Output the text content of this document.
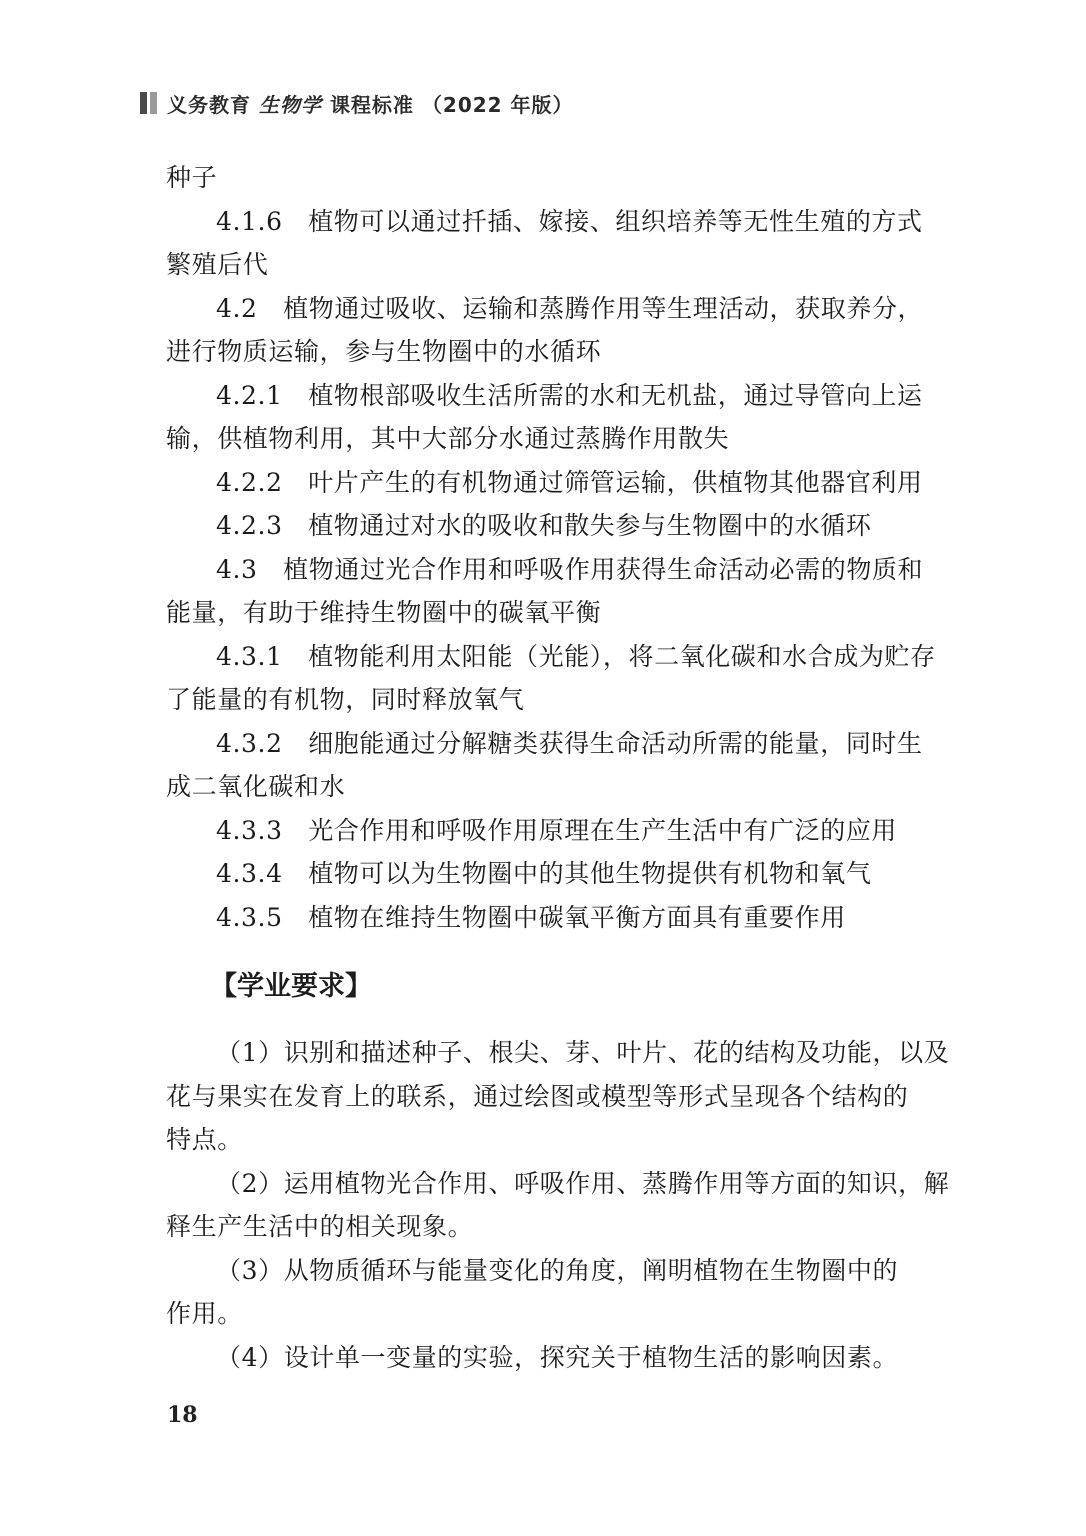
义务教育 生物学 课程标准 （2022 年版）
种子
4.1.6　植物可以通过扦插、嫁接、组织培养等无性生殖的方式
繁殖后代
4.2　植物通过吸收、运输和蒸腾作用等生理活动，获取养分，
进行物质运输，参与生物圈中的水循环
4.2.1　植物根部吸收生活所需的水和无机盐，通过导管向上运
输，供植物利用，其中大部分水通过蒸腾作用散失
4.2.2　叶片产生的有机物通过筛管运输，供植物其他器官利用
4.2.3　植物通过对水的吸收和散失参与生物圈中的水循环
4.3　植物通过光合作用和呼吸作用获得生命活动必需的物质和
能量，有助于维持生物圈中的碳氧平衡
4.3.1　植物能利用太阳能（光能），将二氧化碳和水合成为贮存
了能量的有机物，同时释放氧气
4.3.2　细胞能通过分解糖类获得生命活动所需的能量，同时生
成二氧化碳和水
4.3.3　光合作用和呼吸作用原理在生产生活中有广泛的应用
4.3.4　植物可以为生物圈中的其他生物提供有机物和氧气
4.3.5　植物在维持生物圈中碳氧平衡方面具有重要作用
【学业要求】
（1）识别和描述种子、根尖、芽、叶片、花的结构及功能，以及
花与果实在发育上的联系，通过绘图或模型等形式呈现各个结构的
特点。
（2）运用植物光合作用、呼吸作用、蒸腾作用等方面的知识，解
释生产生活中的相关现象。
（3）从物质循环与能量变化的角度，阐明植物在生物圈中的
作用。
（4）设计单一变量的实验，探究关于植物生活的影响因素。
18
